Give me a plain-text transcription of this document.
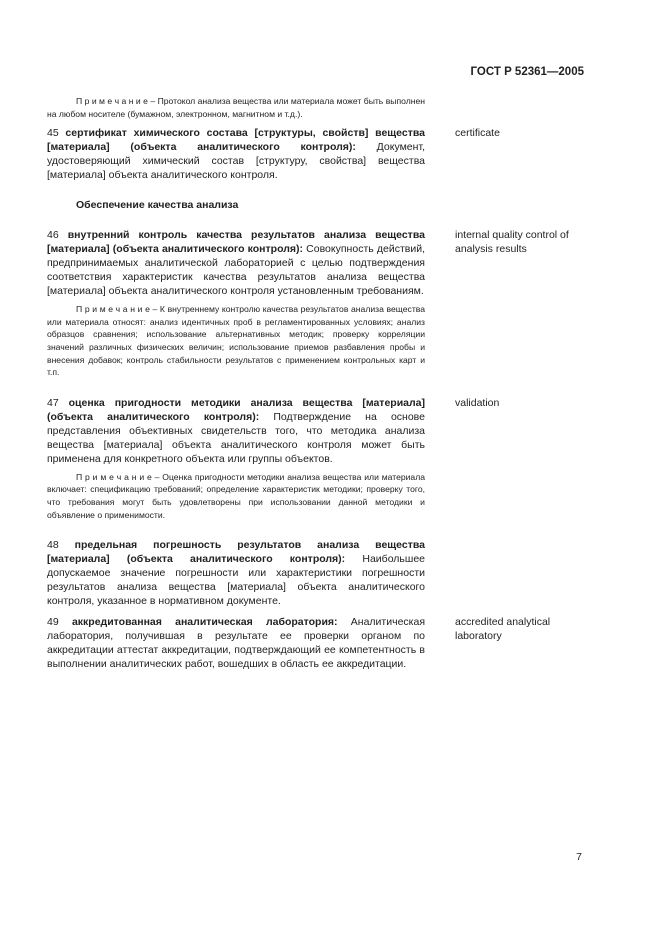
ГОСТ Р 52361—2005

П р и м е ч а н и е – Протокол анализа вещества или материала может быть выполнен на любом носителе (бумажном, электронном, магнитном и т.д.).

45 сертификат химического состава [структуры, свойств] вещества [материала] (объекта аналитического контроля): Документ, удостоверяющий химический состав [структуру, свойства] вещества [материала] объекта аналитического контроля.

certificate

Обеспечение качества анализа

46 внутренний контроль качества результатов анализа вещества [материала] (объекта аналитического контроля): Совокупность действий, предпринимаемых аналитической лабораторией с целью подтверждения соответствия характеристик качества результатов анализа вещества [материала] объекта аналитического контроля установленным требованиям.

П р и м е ч а н и е – К внутреннему контролю качества результатов анализа вещества или материала относят: анализ идентичных проб в регламентированных условиях; анализ образцов сравнения; использование альтернативных методик; проверку корреляции значений различных физических величин; использование приемов разбавления пробы и внесения добавок; контроль стабильности результатов с применением контрольных карт и т.п.

internal quality control of analysis results

47 оценка пригодности методики анализа вещества [материала] (объекта аналитического контроля): Подтверждение на основе представления объективных свидетельств того, что методика анализа вещества [материала] объекта аналитического контроля может быть применена для конкретного объекта или группы объектов.

П р и м е ч а н и е – Оценка пригодности методики анализа вещества или материала включает: спецификацию требований; определение характеристик методики; проверку того, что требования могут быть удовлетворены при использовании данной методики и объявление о применимости.

validation

48 предельная погрешность результатов анализа вещества [материала] (объекта аналитического контроля): Наибольшее допускаемое значение погрешности или характеристики погрешности результатов анализа вещества [материала] объекта аналитического контроля, указанное в нормативном документе.

49 аккредитованная аналитическая лаборатория: Аналитическая лаборатория, получившая в результате ее проверки органом по аккредитации аттестат аккредитации, подтверждающий ее компетентность в выполнении аналитических работ, вошедших в область ее аккредитации.

accredited analytical laboratory
7
